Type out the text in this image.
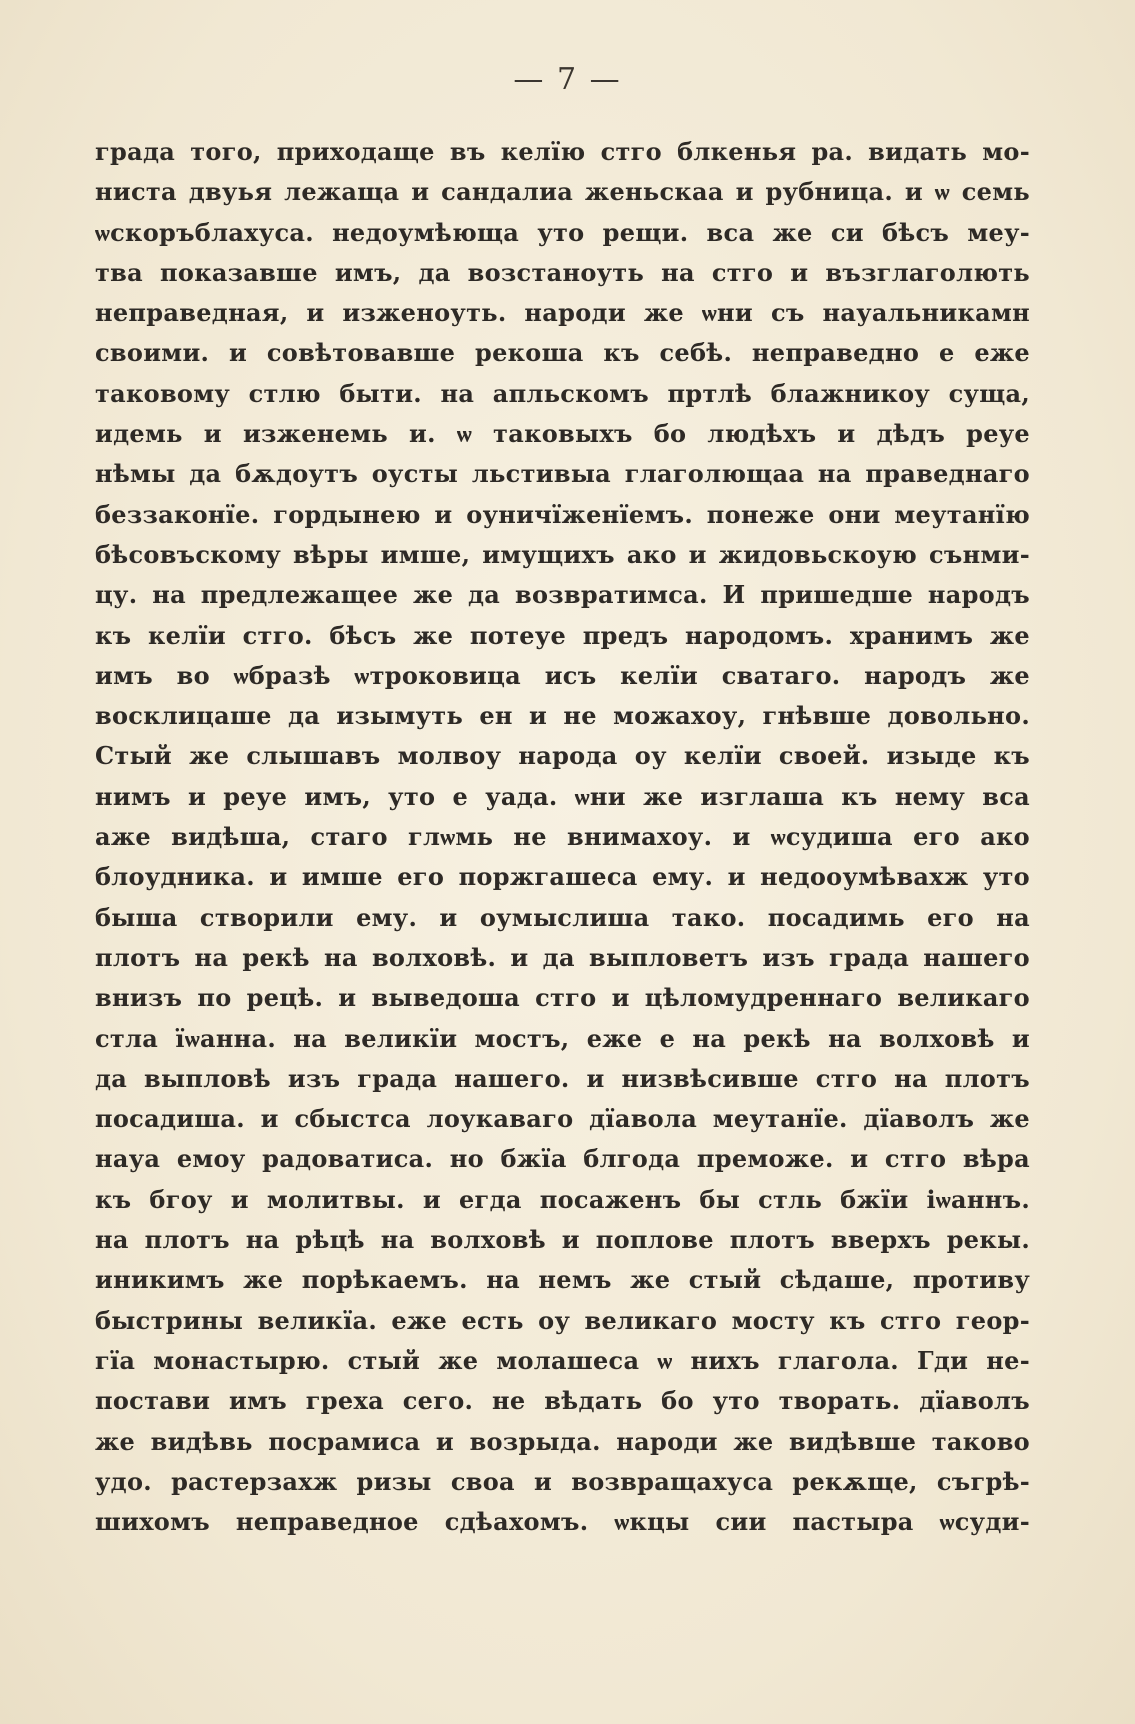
— 7 —
града того, приходаще въ келїю стго блкенья ра. видать мо-
ниста двуья лежаща и сандалиа женьскаа и рубница. и ѡ семь
ѡскоръблахуса. недоумѣюща уто рещи. вса же си бѣсъ меу-
тва показавше имъ, да возстаноуть на стго и възглаголють
неправедная, и изженоуть. народи же ѡни съ науальникамн
своими. и совѣтовавше рекоша къ себѣ. неправедно е еже
таковому стлю быти. на апльскомъ пртлѣ блажникоу суща,
идемь и изженемь и. ѡ таковыхъ бо людѣхъ и дѣдъ реуе
нѣмы да бѫдоутъ оусты льстивыа глаголющаа на праведнаго
беззаконїе. гордынею и оуничїженїемъ. понеже они меутанїю
бѣсовъскому вѣры имше, имущихъ ако и жидовьскоую сънми-
цу. на предлежащее же да возвратимса. И пришедше народъ
къ келїи стго. бѣсъ же потеуе предъ народомъ. хранимъ же
имъ во ѡбразѣ ѡтроковица исъ келїи сватаго. народъ же
восклицаше да изымуть ен и не можахоу, гнѣвше довольно.
Стый же слышавъ молвоу народа оу келїи своей. изыде къ
нимъ и реуе имъ, уто е уада. ѡни же изглаша къ нему вса
аже видѣша, стаго глѡмь не внимахоу. и ѡсудиша его ако
блоудника. и имше его поржгашеса ему. и недооумѣвахж уто
быша створили ему. и оумыслиша тако. посадимь его на
плотъ на рекѣ на волховѣ. и да выпловетъ изъ града нашего
внизъ по рецѣ. и выведоша стго и цѣломудреннаго великаго
стла їѡанна. на великїи мостъ, еже е на рекѣ на волховѣ и
да выпловѣ изъ града нашего. и низвѣсивше стго на плотъ
посадиша. и сбыстса лоукаваго дїавола меутанїе. дїаволъ же
науа емоу радоватиса. но бжїа блгодa преможе. и стго вѣра
къ бгоу и молитвы. и егда посаженъ бы стль бжїи іѡаннъ.
на плотъ на рѣцѣ на волховѣ и поплове плотъ вверхъ рекы.
иникимъ же порѣкаемъ. на немъ же стый сѣдаше, противу
быстрины великїа. еже есть оу великаго мосту къ стго геор-
гїа монастырю. стый же молашеса ѡ нихъ глагола. Гди не-
постави имъ греха сего. не вѣдать бо уто творать. дїаволъ
же видѣвь посрамиса и возрыда. народи же видѣвше таково
удо. растерзахж ризы своа и возвращахуса рекѫще, съгрѣ-
шихомъ неправедное сдѣахомъ. ѡкцы сии пастыра ѡсуди-
